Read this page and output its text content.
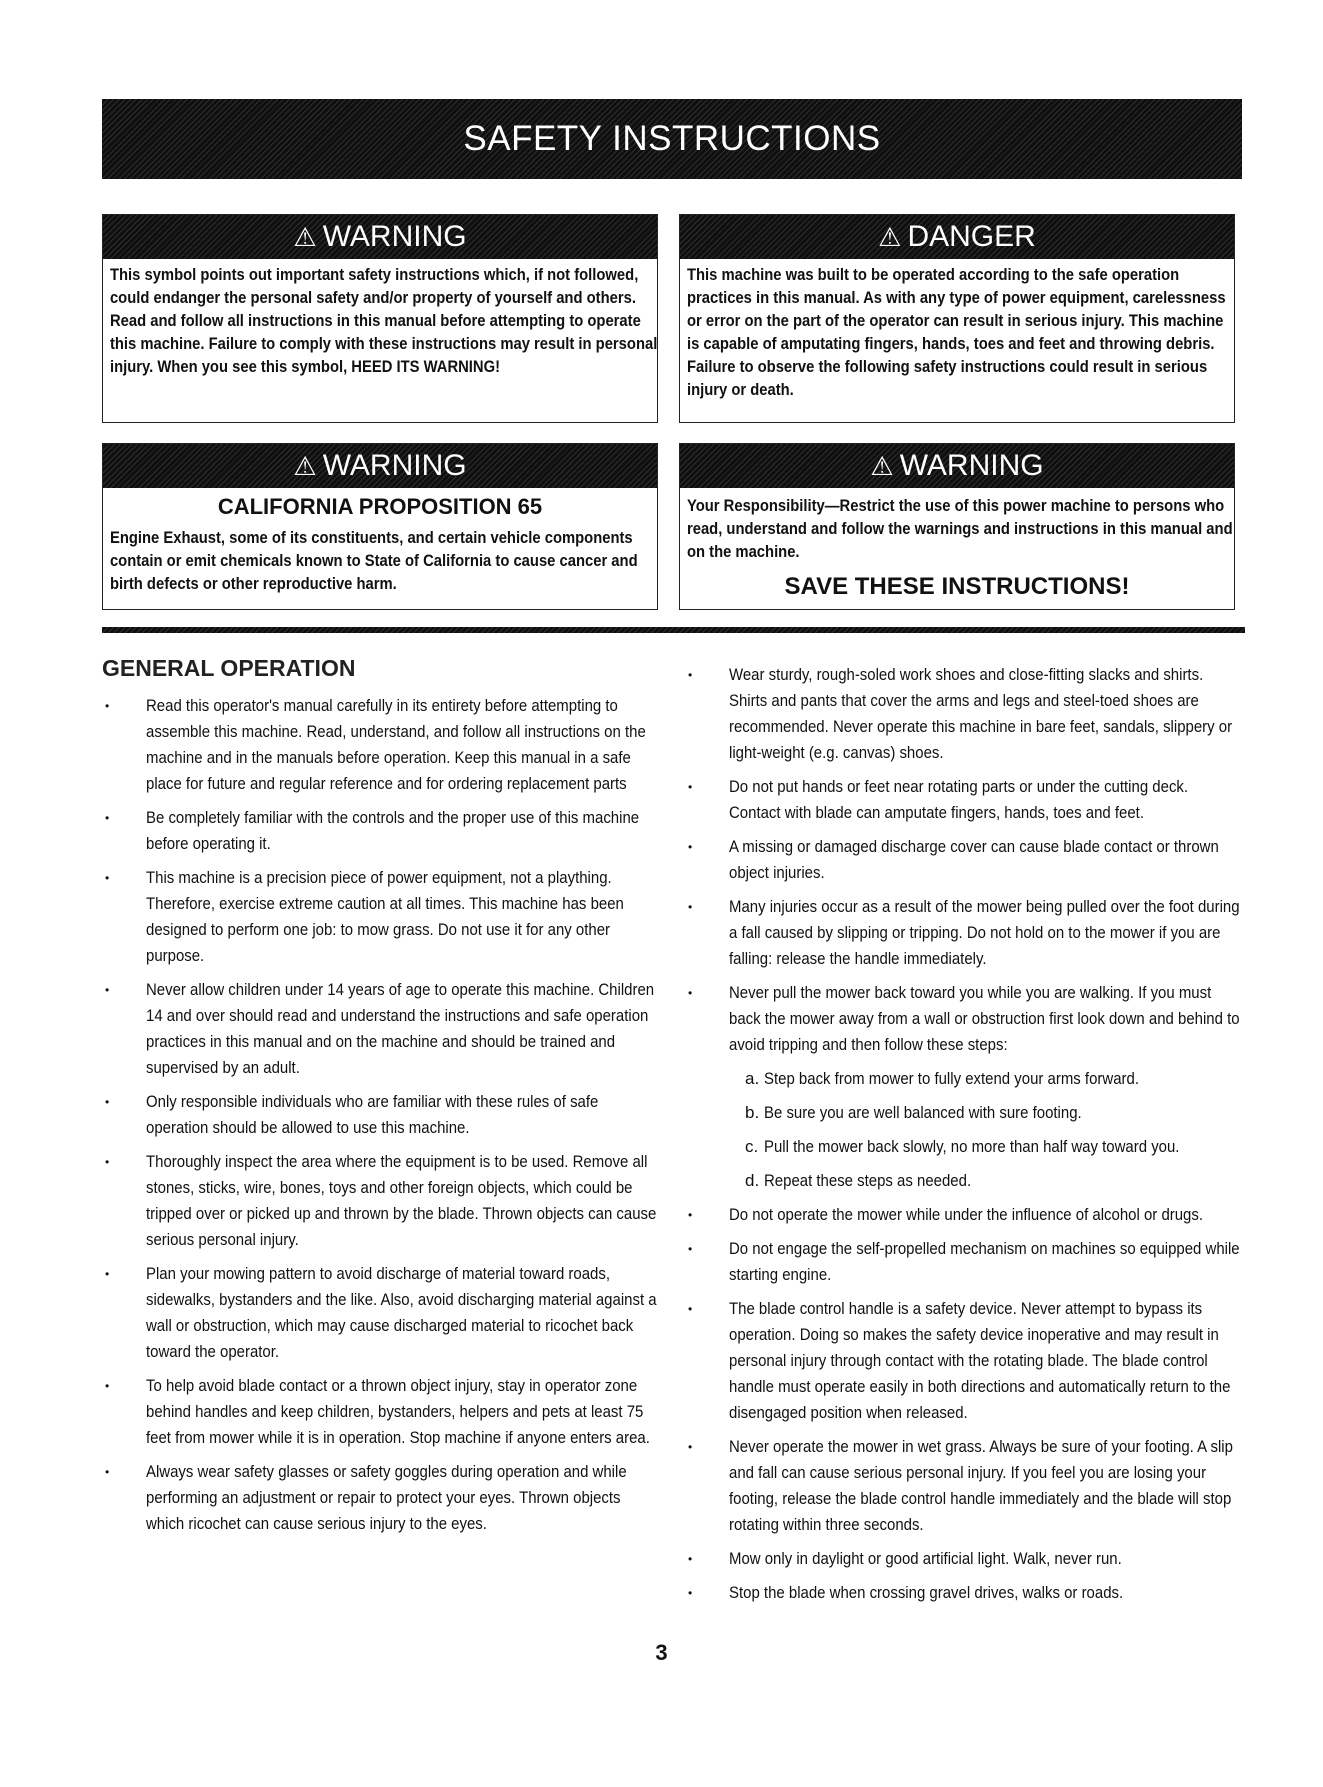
SAFETY INSTRUCTIONS
⚠ WARNING
This symbol points out important safety instructions which, if not followed, could endanger the personal safety and/or property of yourself and others. Read and follow all instructions in this manual before attempting to operate this machine. Failure to comply with these instructions may result in personal injury. When you see this symbol, HEED ITS WARNING!
⚠ DANGER
This machine was built to be operated according to the safe operation practices in this manual. As with any type of power equipment, carelessness or error on the part of the operator can result in serious injury. This machine is capable of amputating fingers, hands, toes and feet and throwing debris. Failure to observe the following safety instructions could result in serious injury or death.
⚠ WARNING
CALIFORNIA PROPOSITION 65
Engine Exhaust, some of its constituents, and certain vehicle components contain or emit chemicals known to State of California to cause cancer and birth defects or other reproductive harm.
⚠ WARNING
Your Responsibility—Restrict the use of this power machine to persons who read, understand and follow the warnings and instructions in this manual and on the machine.
SAVE THESE INSTRUCTIONS!
GENERAL OPERATION
• Read this operator's manual carefully in its entirety before attempting to assemble this machine. Read, understand, and follow all instructions on the machine and in the manuals before operation. Keep this manual in a safe place for future and regular reference and for ordering replacement parts
• Be completely familiar with the controls and the proper use of this machine before operating it.
• This machine is a precision piece of power equipment, not a plaything. Therefore, exercise extreme caution at all times. This machine has been designed to perform one job: to mow grass. Do not use it for any other purpose.
• Never allow children under 14 years of age to operate this machine. Children 14 and over should read and understand the instructions and safe operation practices in this manual and on the machine and should be trained and supervised by an adult.
• Only responsible individuals who are familiar with these rules of safe operation should be allowed to use this machine.
• Thoroughly inspect the area where the equipment is to be used. Remove all stones, sticks, wire, bones, toys and other foreign objects, which could be tripped over or picked up and thrown by the blade. Thrown objects can cause serious personal injury.
• Plan your mowing pattern to avoid discharge of material toward roads, sidewalks, bystanders and the like. Also, avoid discharging material against a wall or obstruction, which may cause discharged material to ricochet back toward the operator.
• To help avoid blade contact or a thrown object injury, stay in operator zone behind handles and keep children, bystanders, helpers and pets at least 75 feet from mower while it is in operation. Stop machine if anyone enters area.
• Always wear safety glasses or safety goggles during operation and while performing an adjustment or repair to protect your eyes. Thrown objects which ricochet can cause serious injury to the eyes.
• Wear sturdy, rough-soled work shoes and close-fitting slacks and shirts. Shirts and pants that cover the arms and legs and steel-toed shoes are recommended. Never operate this machine in bare feet, sandals, slippery or light-weight (e.g. canvas) shoes.
• Do not put hands or feet near rotating parts or under the cutting deck. Contact with blade can amputate fingers, hands, toes and feet.
• A missing or damaged discharge cover can cause blade contact or thrown object injuries.
• Many injuries occur as a result of the mower being pulled over the foot during a fall caused by slipping or tripping. Do not hold on to the mower if you are falling: release the handle immediately.
• Never pull the mower back toward you while you are walking. If you must back the mower away from a wall or obstruction first look down and behind to avoid tripping and then follow these steps:
a. Step back from mower to fully extend your arms forward.
b. Be sure you are well balanced with sure footing.
c. Pull the mower back slowly, no more than half way toward you.
d. Repeat these steps as needed.
• Do not operate the mower while under the influence of alcohol or drugs.
• Do not engage the self-propelled mechanism on machines so equipped while starting engine.
• The blade control handle is a safety device. Never attempt to bypass its operation. Doing so makes the safety device inoperative and may result in personal injury through contact with the rotating blade. The blade control handle must operate easily in both directions and automatically return to the disengaged position when released.
• Never operate the mower in wet grass. Always be sure of your footing. A slip and fall can cause serious personal injury. If you feel you are losing your footing, release the blade control handle immediately and the blade will stop rotating within three seconds.
• Mow only in daylight or good artificial light. Walk, never run.
• Stop the blade when crossing gravel drives, walks or roads.
3
